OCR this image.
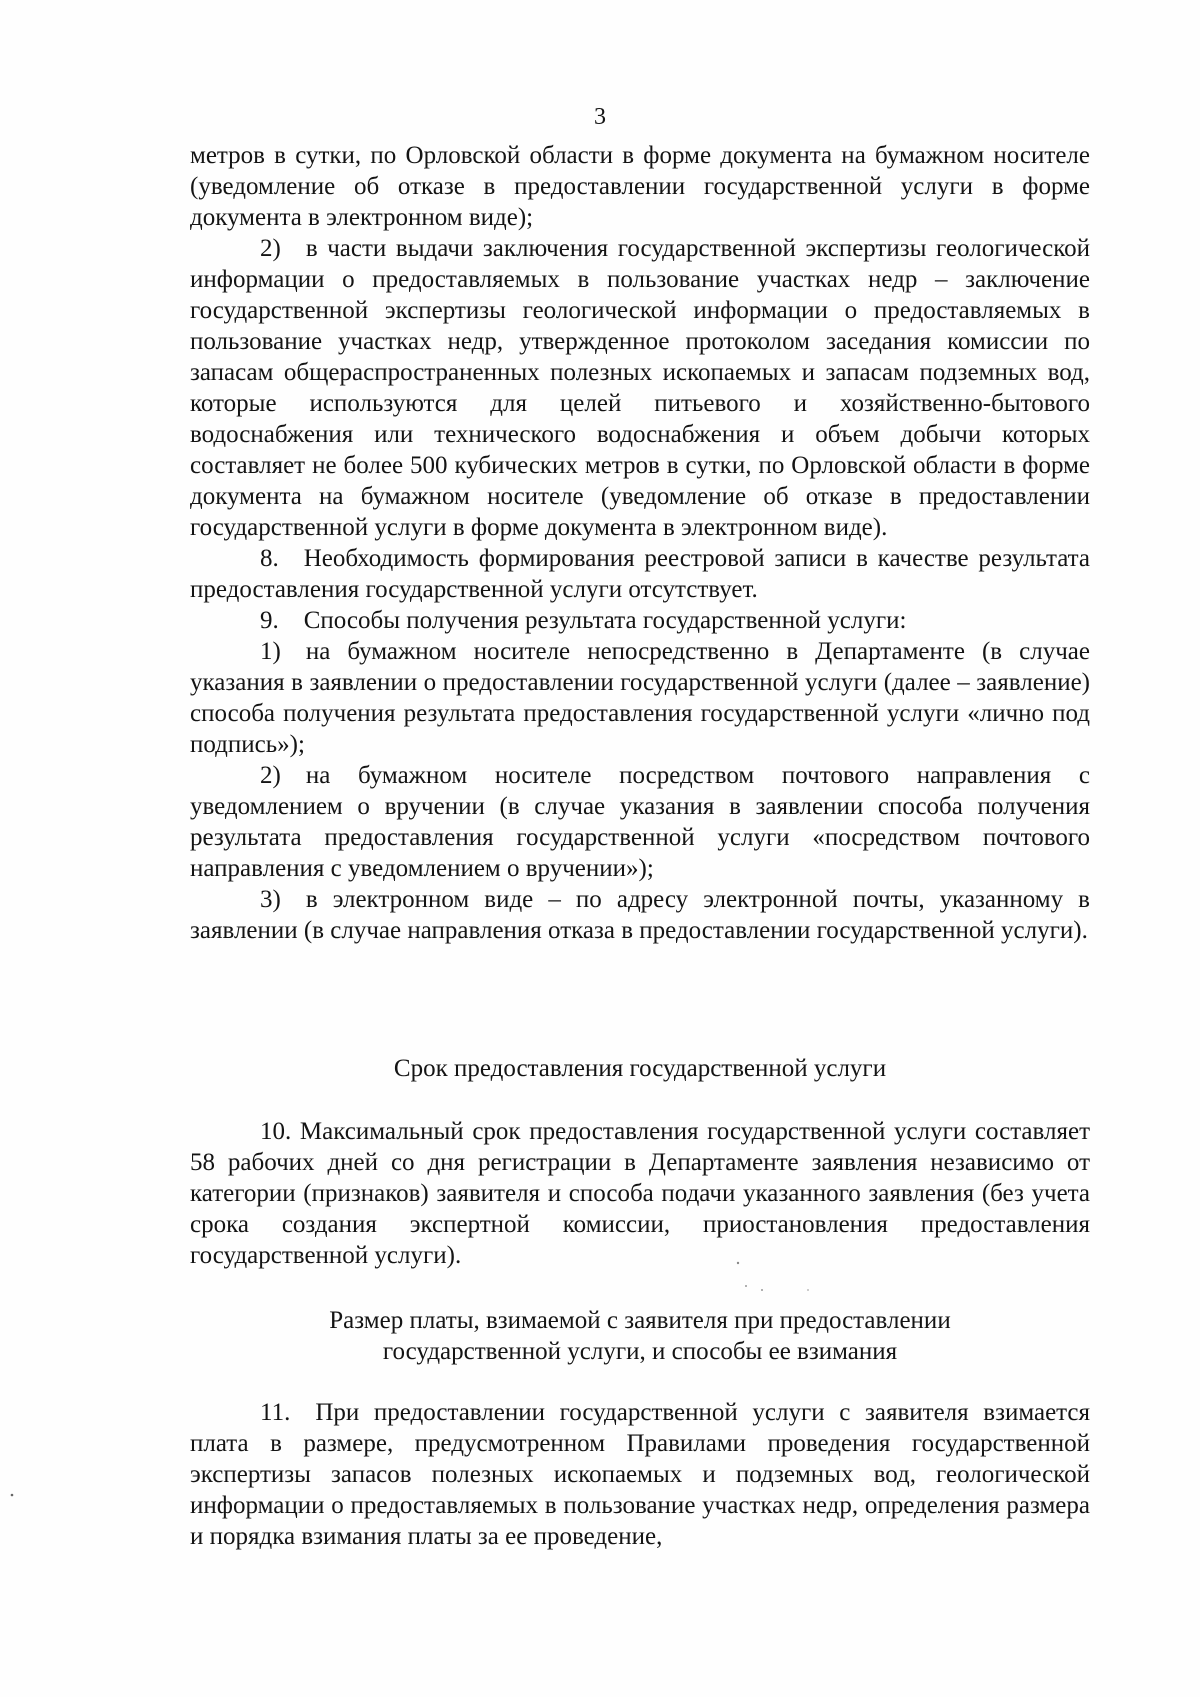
3

метров в сутки, по Орловской области в форме документа на бумажном носителе (уведомление об отказе в предоставлении государственной услуги в форме документа в электронном виде);

2) в части выдачи заключения государственной экспертизы геологической информации о предоставляемых в пользование участках недр – заключение государственной экспертизы геологической информации о предоставляемых в пользование участках недр, утвержденное протоколом заседания комиссии по запасам общераспространенных полезных ископаемых и запасам подземных вод, которые используются для целей питьевого и хозяйственно-бытового водоснабжения или технического водоснабжения и объем добычи которых составляет не более 500 кубических метров в сутки, по Орловской области в форме документа на бумажном носителе (уведомление об отказе в предоставлении государственной услуги в форме документа в электронном виде).

8. Необходимость формирования реестровой записи в качестве результата предоставления государственной услуги отсутствует.

9. Способы получения результата государственной услуги:

1) на бумажном носителе непосредственно в Департаменте (в случае указания в заявлении о предоставлении государственной услуги (далее – заявление) способа получения результата предоставления государственной услуги «лично под подпись»);

2) на бумажном носителе посредством почтового направления с уведомлением о вручении (в случае указания в заявлении способа получения результата предоставления государственной услуги «посредством почтового направления с уведомлением о вручении»);

3) в электронном виде – по адресу электронной почты, указанному в заявлении (в случае направления отказа в предоставлении государственной услуги).

Срок предоставления государственной услуги

10. Максимальный срок предоставления государственной услуги составляет 58 рабочих дней со дня регистрации в Департаменте заявления независимо от категории (признаков) заявителя и способа подачи указанного заявления (без учета срока создания экспертной комиссии, приостановления предоставления государственной услуги).

Размер платы, взимаемой с заявителя при предоставлении

государственной услуги, и способы ее взимания

11. При предоставлении государственной услуги с заявителя взимается плата в размере, предусмотренном Правилами проведения государственной экспертизы запасов полезных ископаемых и подземных вод, геологической информации о предоставляемых в пользование участках недр, определения размера и порядка взимания платы за ее проведение,
